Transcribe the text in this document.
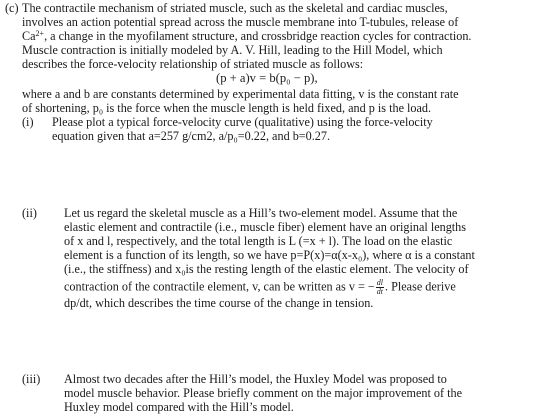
(c) The contractile mechanism of striated muscle, such as the skeletal and cardiac muscles,
involves an action potential spread across the muscle membrane into T-tubules, release of
$Ca^{2+}$, a change in the myofilament structure, and crossbridge reaction cycles for contraction.
Muscle contraction is initially modeled by A. V. Hill, leading to the Hill Model, which
describes the force-velocity relationship of striated muscle as follows:
(p + a)v = b(p₀ − p),
where a and b are constants determined by experimental data fitting, v is the constant rate
of shortening, p₀ is the force when the muscle length is held fixed, and p is the load.
(i) Please plot a typical force-velocity curve (qualitative) using the force-velocity
equation given that a=257 g/cm2, a/p₀=0.22, and b=0.27.
(ii) Let us regard the skeletal muscle as a Hill’s two-element model. Assume that the
elastic element and contractile (i.e., muscle fiber) element have an original lengths
of x and l, respectively, and the total length is L (=x + l). The load on the elastic
element is a function of its length, so we have p=P(x)=α(x-x₀), where α is a constant
(i.e., the stiffness) and x₀is the resting length of the elastic element. The velocity of
contraction of the contractile element, v, can be written as v = − $\frac{dl}{dt}$ . Please derive
dp/dt, which describes the time course of the change in tension.
(iii) Almost two decades after the Hill’s model, the Huxley Model was proposed to
model muscle behavior. Please briefly comment on the major improvement of the
Huxley model compared with the Hill’s model.
